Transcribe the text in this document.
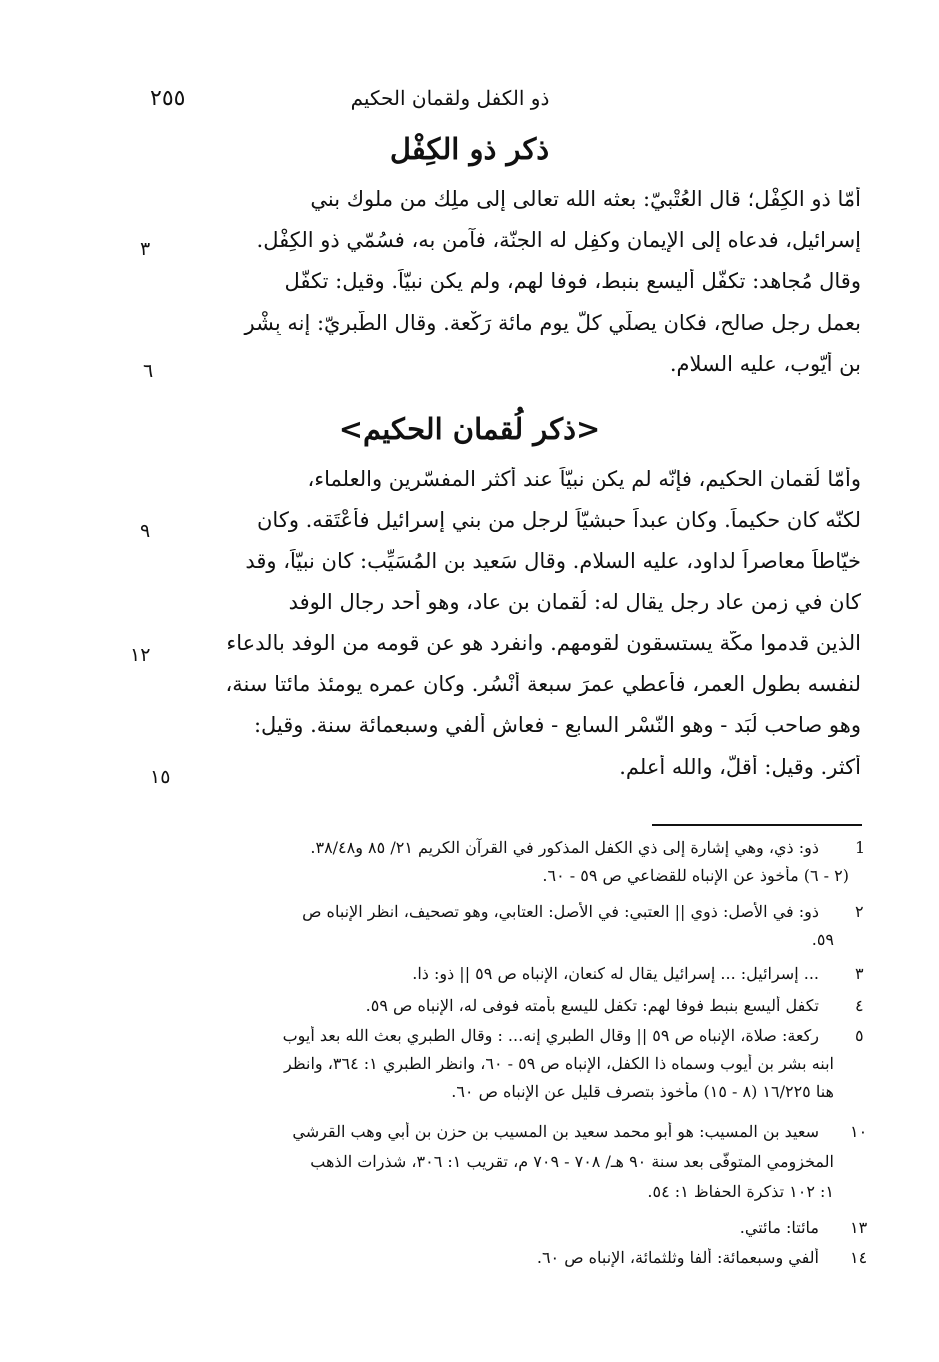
ذو الكفل ولقمان الحكيم
٢٥٥
ذكر ذو الكِفْل
أمّا ذو الكِفْل؛ قال العُتْبيّ: بعثه الله تعالى إلى ملِك من ملوك بني
إسرائيل، فدعاه إلى الإيمان وكفِل له الجنّة، فآمن به، فسُمّي ذو الكِفْل.
وقال مُجاهد: تكفّل أليسع بنبط، فوفا لهم، ولم يكن نبيّاً. وقيل: تكفّل
بعمل رجل صالح، فكان يصلّي كلّ يوم مائة رَكْعة. وقال الطّبريّ: إنه بِشْر
بن أيّوب، عليه السلام.
<ذكر لُقمان الحكيم>
وأمّا لُقمان الحكيم، فإنّه لم يكن نبيّاً عند أكثر المفسّرين والعلماء،
لكنّه كان حكيماً. وكان عبداً حبشيّاً لرجل من بني إسرائيل فأعْتَقه. وكان
خيّاطاً معاصراً لداود، عليه السلام. وقال سَعيد بن المُسَيِّب: كان نبيّاً، وقد
كان في زمنِ عاد رجل يقال له: لُقمان بن عاد، وهو أحد رجال الوفد
الذين قدموا مكّة يستسقون لقومهم. وانفرد هو عن قومه من الوفد بالدعاء
لنفسه بطول العمر، فأُعطي عمرَ سبعة أَنْسُر. وكان عمره يومئذ مائتا سنة،
وهو صاحب لُبَد - وهو النّسْر السابع - فعاش ألفي وسبعمائة سنة. وقيل:
أكثر. وقيل: أقلّ، والله أعلم.
٣
٦
٩
١٢
١٥
1
ذو: ذي، وهي إشارة إلى ذي الكفل المذكور في القرآن الكريم ٢١/ ٨٥ و٣٨/٤٨.
(٢ - ٦) مأخوذ عن الإنباه للقضاعي ص ٥٩ - ٦٠.
٢
ذو: في الأصل: ذوي || العتبي: في الأصل: العتابي، وهو تصحيف، انظر الإنباه ص
٥٩.
٣
... إسرائيل: ... إسرائيل يقال له كنعان، الإنباه ص ٥٩ || ذو: ذا.
٤
تكفل أليسع بنبط فوفا لهم: تكفل لليسع بأمته فوفى له، الإنباه ص ٥٩.
٥
ركعة: صلاة، الإنباه ص ٥٩ || وقال الطبري إنه... : وقال الطبري بعث الله بعد أيوب
ابنه بشر بن أيوب وسماه ذا الكفل، الإنباه ص ٥٩ - ٦٠، وانظر الطبري ١: ٣٦٤، وانظر
هنا ١٦/٢٢٥ (٨ - ١٥) مأخوذ بتصرف قليل عن الإنباه ص ٦٠.
١٠
سعيد بن المسيب: هو أبو محمد سعيد بن المسيب بن حزن بن أبي وهب القرشي
المخزومي المتوفّى بعد سنة ٩٠ هـ/ ٧٠٨ - ٧٠٩ م، تقريب ١: ٣٠٦، شذرات الذهب
١: ١٠٢ تذكرة الحفاظ ١: ٥٤.
١٣
مائتا: مائتي.
١٤
ألفي وسبعمائة: ألفا وثلثمائة، الإنباه ص ٦٠.
